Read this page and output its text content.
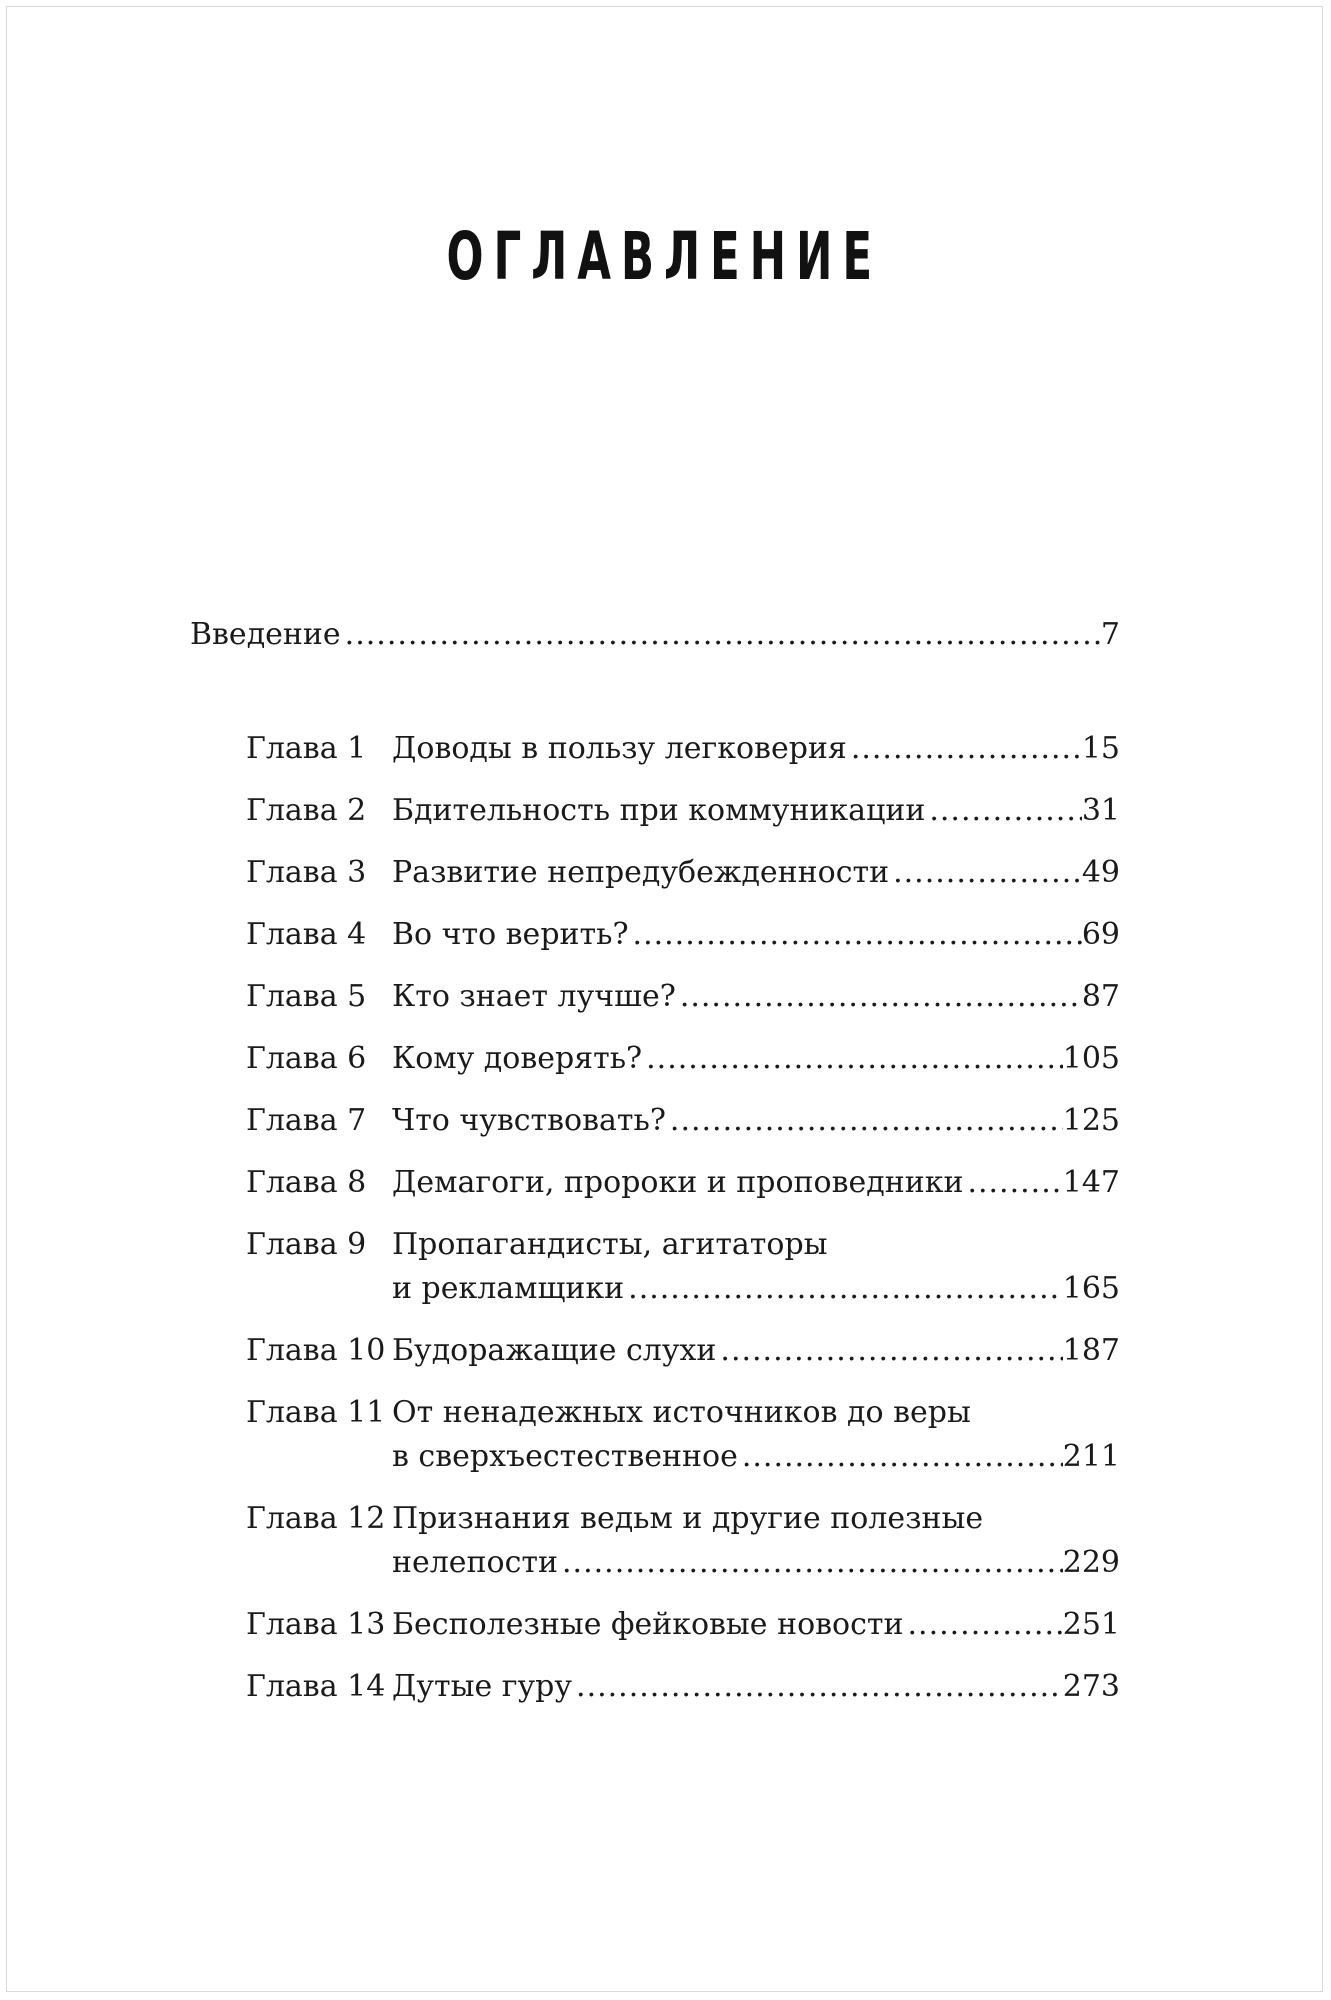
ОГЛАВЛЕНИЕ
Введение .....	7
Глава 1 Доводы в пользу легковерия .....	15
Глава 2 Бдительность при коммуникации .....	31
Глава 3 Развитие непредубежденности .....	49
Глава 4 Во что верить? .....	69
Глава 5 Кто знает лучше? .....	87
Глава 6 Кому доверять? .....	105
Глава 7 Что чувствовать? .....	125
Глава 8 Демагоги, пророки и проповедники .....	147
Глава 9 Пропагандисты, агитаторы
и рекламщики .....	165
Глава 10 Будоражащие слухи .....	187
Глава 11 От ненадежных источников до веры
в сверхъестественное .....	211
Глава 12 Признания ведьм и другие полезные
нелепости .....	229
Глава 13 Бесполезные фейковые новости .....	251
Глава 14 Дутые гуру .....	273
